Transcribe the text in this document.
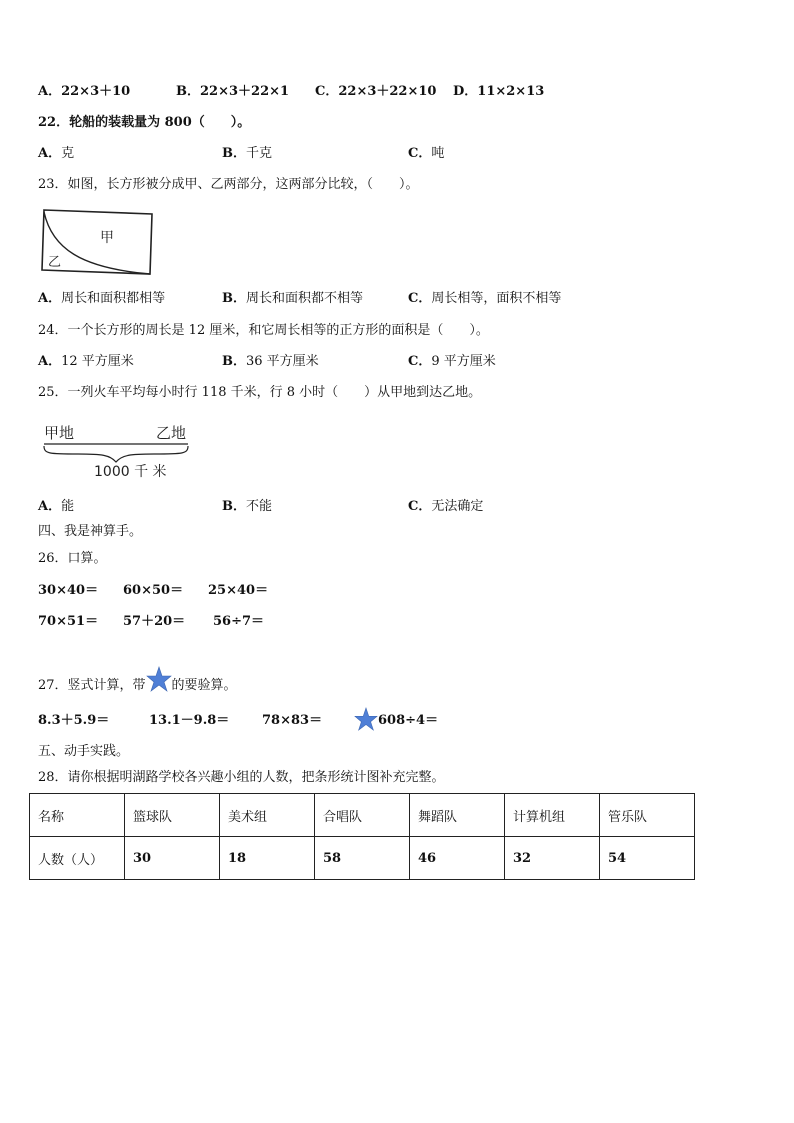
A．22×3＋10	B．22×3＋22×1 C．22×3＋22×10 D．11×2×13
22．轮船的装载量为 800（　　）。
A．克	B．千克	C．吨
23．如图，长方形被分成甲、乙两部分，这两部分比较，（　　）。
甲
乙
A．周长和面积都相等	B．周长和面积都不相等	C．周长相等，面积不相等
24．一个长方形的周长是 12 厘米，和它周长相等的正方形的面积是（　　）。
A．12 平方厘米	B．36 平方厘米	C．9 平方厘米
25．一列火车平均每小时行 118 千米，行 8 小时（　　）从甲地到达乙地。
甲地	乙地
1000 千 米
A．能	B．不能	C．无法确定
四、我是神算手。
26．口算。
30×40＝ 60×50＝ 25×40＝
70×51＝ 57＋20＝ 56÷7＝
27．竖式计算，带 的要验算。
8.3＋5.9＝	13.1－9.8＝	78×83＝	608÷4＝
五、动手实践。
28．请你根据明湖路学校各兴趣小组的人数，把条形统计图补充完整。
名称	篮球队	美术组	合唱队	舞蹈队	计算机组	管乐队
人数（人）	30	18	58	46	32	54
